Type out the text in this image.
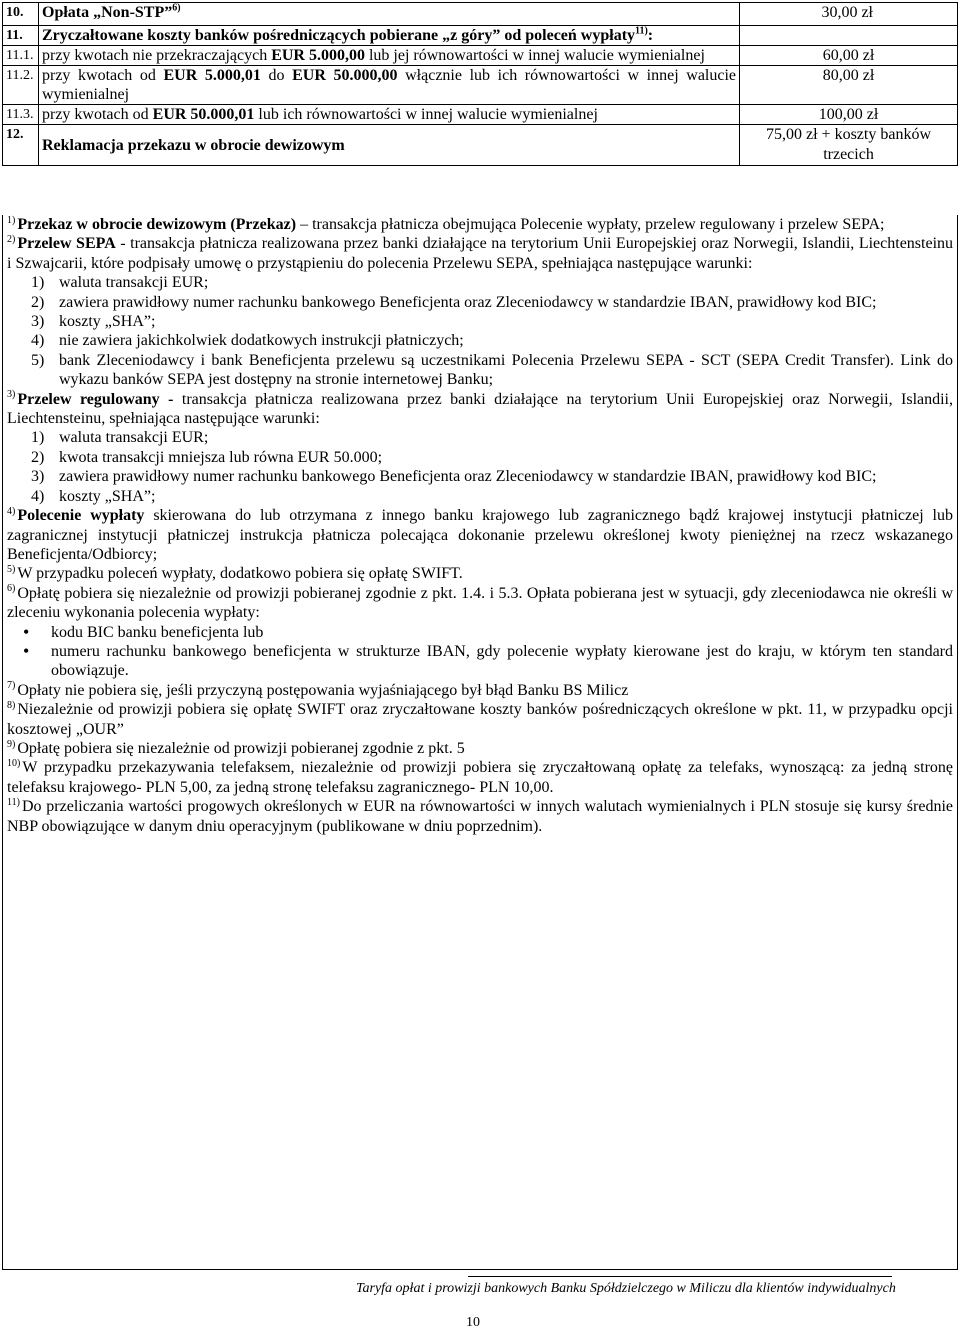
10.	Opłata „Non-STP”$^{6)}$	30,00 zł
11.	Zryczałtowane koszty banków pośredniczących pobierane „z góry” od poleceń wypłaty$^{11)}$:	
11.1.	przy kwotach nie przekraczających EUR 5.000,00 lub jej równowartości w innej walucie wymienialnej	60,00 zł
11.2.	przy kwotach od EUR 5.000,01 do EUR 50.000,00 włącznie lub ich równowartości w innej walucie wymienialnej	80,00 zł
11.3.	przy kwotach od EUR 50.000,01 lub ich równowartości w innej walucie wymienialnej	100,00 zł
12.	Reklamacja przekazu w obrocie dewizowym	75,00 zł + koszty banków trzecich

$^{1)}$ Przekaz w obrocie dewizowym (Przekaz) – transakcja płatnicza obejmująca Polecenie wypłaty, przelew regulowany i przelew SEPA;

$^{2)}$ Przelew SEPA - transakcja płatnicza realizowana przez banki działające na terytorium Unii Europejskiej oraz Norwegii, Islandii, Liechtensteinu i Szwajcarii, które podpisały umowę o przystąpieniu do polecenia Przelewu SEPA, spełniająca następujące warunki:

1) waluta transakcji EUR;
2) zawiera prawidłowy numer rachunku bankowego Beneficjenta oraz Zleceniodawcy w standardzie IBAN, prawidłowy kod BIC;
3) koszty „SHA”;
4) nie zawiera jakichkolwiek dodatkowych instrukcji płatniczych;
5) bank Zleceniodawcy i bank Beneficjenta przelewu są uczestnikami Polecenia Przelewu SEPA - SCT (SEPA Credit Transfer). Link do wykazu banków SEPA jest dostępny na stronie internetowej Banku;

$^{3)}$ Przelew regulowany - transakcja płatnicza realizowana przez banki działające na terytorium Unii Europejskiej oraz Norwegii, Islandii, Liechtensteinu, spełniająca następujące warunki:

1) waluta transakcji EUR;
2) kwota transakcji mniejsza lub równa EUR 50.000;
3) zawiera prawidłowy numer rachunku bankowego Beneficjenta oraz Zleceniodawcy w standardzie IBAN, prawidłowy kod BIC;
4) koszty „SHA”;

$^{4)}$ Polecenie wypłaty skierowana do lub otrzymana z innego banku krajowego lub zagranicznego bądź krajowej instytucji płatniczej lub zagranicznej instytucji płatniczej instrukcja płatnicza polecająca dokonanie przelewu określonej kwoty pieniężnej na rzecz wskazanego Beneficjenta/Odbiorcy;

$^{5)}$ W przypadku poleceń wypłaty, dodatkowo pobiera się opłatę SWIFT.

$^{6)}$ Opłatę pobiera się niezależnie od prowizji pobieranej zgodnie z pkt. 1.4. i 5.3. Opłata pobierana jest w sytuacji, gdy zleceniodawca nie określi w zleceniu wykonania polecenia wypłaty:

• kodu BIC banku beneficjenta lub
• numeru rachunku bankowego beneficjenta w strukturze IBAN, gdy polecenie wypłaty kierowane jest do kraju, w którym ten standard obowiązuje.

$^{7)}$ Opłaty nie pobiera się, jeśli przyczyną postępowania wyjaśniającego był błąd Banku BS Milicz

$^{8)}$ Niezależnie od prowizji pobiera się opłatę SWIFT oraz zryczałtowane koszty banków pośredniczących określone w pkt. 11, w przypadku opcji kosztowej „OUR”

$^{9)}$ Opłatę pobiera się niezależnie od prowizji pobieranej zgodnie z pkt. 5

$^{10)}$ W przypadku przekazywania telefaksem, niezależnie od prowizji pobiera się zryczałtowaną opłatę za telefaks, wynoszącą: za jedną stronę telefaksu krajowego- PLN 5,00, za jedną stronę telefaksu zagranicznego- PLN 10,00.

$^{11)}$ Do przeliczania wartości progowych określonych w EUR na równowartości w innych walutach wymienialnych i PLN stosuje się kursy średnie NBP obowiązujące w danym dniu operacyjnym (publikowane w dniu poprzednim).

Taryfa opłat i prowizji bankowych Banku Spółdzielczego w Miliczu dla klientów indywidualnych
10
